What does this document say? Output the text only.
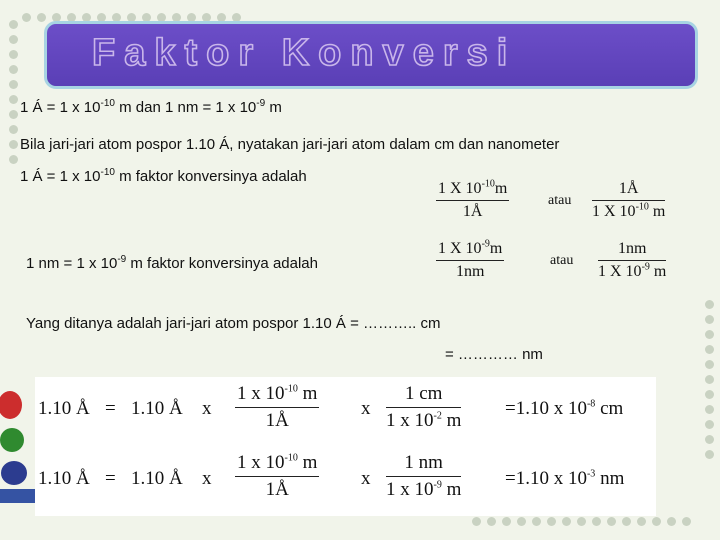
Faktor Konversi
1 Á = 1 x $10^{-10}$ m dan 1 nm = 1 x $10^{-9}$ m
Bila jari-jari atom pospor 1.10 Á, nyatakan jari-jari atom dalam cm dan nanometer
1 Á = 1 x $10^{-10}$ m faktor konversinya adalah
1 nm = 1 x $10^{-9}$ m faktor konversinya adalah
Yang ditanya adalah jari-jari atom pospor 1.10 Á = ……….. cm
= ………… nm
1 X $10^{-10}m$
1Å
atau
1Å
1 X $10^{-10}$ m
1 X $10^{-9}m$
1nm
atau
1nm
1 X $10^{-9}$ m
1.10 Å = 1.10 Å x
1 x $10^{-10}$ m
1Å
x
1 cm
1 x $10^{-2}$ m
=1.10 x $10^{-8}$ cm
1.10 Å = 1.10 Å x
1 x $10^{-10}$ m
1Å
x
1 nm
1 x $10^{-9}$ m
=1.10 x $10^{-3}$ nm
